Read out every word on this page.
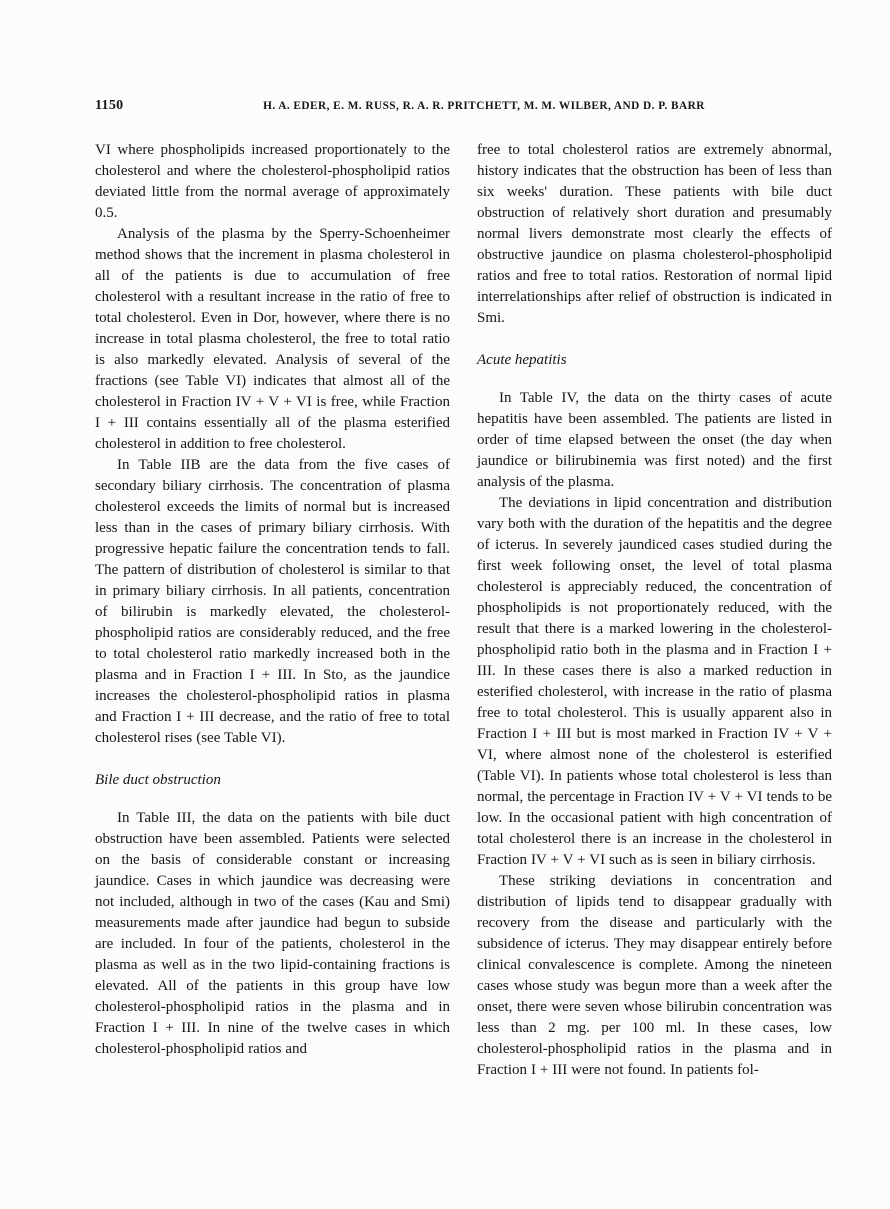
1150	H. A. EDER, E. M. RUSS, R. A. R. PRITCHETT, M. M. WILBER, AND D. P. BARR

VI where phospholipids increased proportionately to the cholesterol and where the cholesterol-phospholipid ratios deviated little from the normal average of approximately 0.5.

Analysis of the plasma by the Sperry-Schoenheimer method shows that the increment in plasma cholesterol in all of the patients is due to accumulation of free cholesterol with a resultant increase in the ratio of free to total cholesterol. Even in Dor, however, where there is no increase in total plasma cholesterol, the free to total ratio is also markedly elevated. Analysis of several of the fractions (see Table VI) indicates that almost all of the cholesterol in Fraction IV + V + VI is free, while Fraction I + III contains essentially all of the plasma esterified cholesterol in addition to free cholesterol.

In Table IIB are the data from the five cases of secondary biliary cirrhosis. The concentration of plasma cholesterol exceeds the limits of normal but is increased less than in the cases of primary biliary cirrhosis. With progressive hepatic failure the concentration tends to fall. The pattern of distribution of cholesterol is similar to that in primary biliary cirrhosis. In all patients, concentration of bilirubin is markedly elevated, the cholesterol-phospholipid ratios are considerably reduced, and the free to total cholesterol ratio markedly increased both in the plasma and in Fraction I + III. In Sto, as the jaundice increases the cholesterol-phospholipid ratios in plasma and Fraction I + III decrease, and the ratio of free to total cholesterol rises (see Table VI).

Bile duct obstruction

In Table III, the data on the patients with bile duct obstruction have been assembled. Patients were selected on the basis of considerable constant or increasing jaundice. Cases in which jaundice was decreasing were not included, although in two of the cases (Kau and Smi) measurements made after jaundice had begun to subside are included. In four of the patients, cholesterol in the plasma as well as in the two lipid-containing fractions is elevated. All of the patients in this group have low cholesterol-phospholipid ratios in the plasma and in Fraction I + III. In nine of the twelve cases in which cholesterol-phospholipid ratios and

free to total cholesterol ratios are extremely abnormal, history indicates that the obstruction has been of less than six weeks' duration. These patients with bile duct obstruction of relatively short duration and presumably normal livers demonstrate most clearly the effects of obstructive jaundice on plasma cholesterol-phospholipid ratios and free to total ratios. Restoration of normal lipid interrelationships after relief of obstruction is indicated in Smi.

Acute hepatitis

In Table IV, the data on the thirty cases of acute hepatitis have been assembled. The patients are listed in order of time elapsed between the onset (the day when jaundice or bilirubinemia was first noted) and the first analysis of the plasma.

The deviations in lipid concentration and distribution vary both with the duration of the hepatitis and the degree of icterus. In severely jaundiced cases studied during the first week following onset, the level of total plasma cholesterol is appreciably reduced, the concentration of phospholipids is not proportionately reduced, with the result that there is a marked lowering in the cholesterol-phospholipid ratio both in the plasma and in Fraction I + III. In these cases there is also a marked reduction in esterified cholesterol, with increase in the ratio of plasma free to total cholesterol. This is usually apparent also in Fraction I + III but is most marked in Fraction IV + V + VI, where almost none of the cholesterol is esterified (Table VI). In patients whose total cholesterol is less than normal, the percentage in Fraction IV + V + VI tends to be low. In the occasional patient with high concentration of total cholesterol there is an increase in the cholesterol in Fraction IV + V + VI such as is seen in biliary cirrhosis.

These striking deviations in concentration and distribution of lipids tend to disappear gradually with recovery from the disease and particularly with the subsidence of icterus. They may disappear entirely before clinical convalescence is complete. Among the nineteen cases whose study was begun more than a week after the onset, there were seven whose bilirubin concentration was less than 2 mg. per 100 ml. In these cases, low cholesterol-phospholipid ratios in the plasma and in Fraction I + III were not found. In patients fol-
